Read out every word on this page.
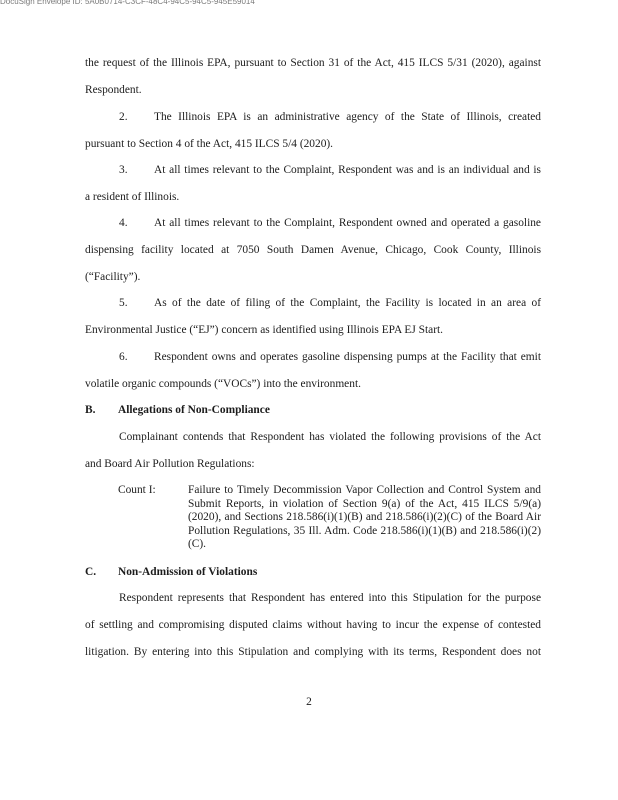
DocuSign Envelope ID: 5A0B0714-C3CF-48C4-94C5-94C5-945E59014
the request of the Illinois EPA, pursuant to Section 31 of the Act, 415 ILCS 5/31 (2020), against
Respondent.
2. The Illinois EPA is an administrative agency of the State of Illinois, created
pursuant to Section 4 of the Act, 415 ILCS 5/4 (2020).
3. At all times relevant to the Complaint, Respondent was and is an individual and is
a resident of Illinois.
4. At all times relevant to the Complaint, Respondent owned and operated a gasoline
dispensing facility located at 7050 South Damen Avenue, Chicago, Cook County, Illinois
(“Facility”).
5. As of the date of filing of the Complaint, the Facility is located in an area of
Environmental Justice (“EJ”) concern as identified using Illinois EPA EJ Start.
6. Respondent owns and operates gasoline dispensing pumps at the Facility that emit
volatile organic compounds (“VOCs”) into the environment.
B. Allegations of Non-Compliance
Complainant contends that Respondent has violated the following provisions of the Act
and Board Air Pollution Regulations:
Count I:	Failure to Timely Decommission Vapor Collection and Control System and Submit Reports, in violation of Section 9(a) of the Act, 415 ILCS 5/9(a) (2020), and Sections 218.586(i)(1)(B) and 218.586(i)(2)(C) of the Board Air Pollution Regulations, 35 Ill. Adm. Code 218.586(i)(1)(B) and 218.586(i)(2)(C).
C. Non-Admission of Violations
Respondent represents that Respondent has entered into this Stipulation for the purpose
of settling and compromising disputed claims without having to incur the expense of contested
litigation. By entering into this Stipulation and complying with its terms, Respondent does not
2
